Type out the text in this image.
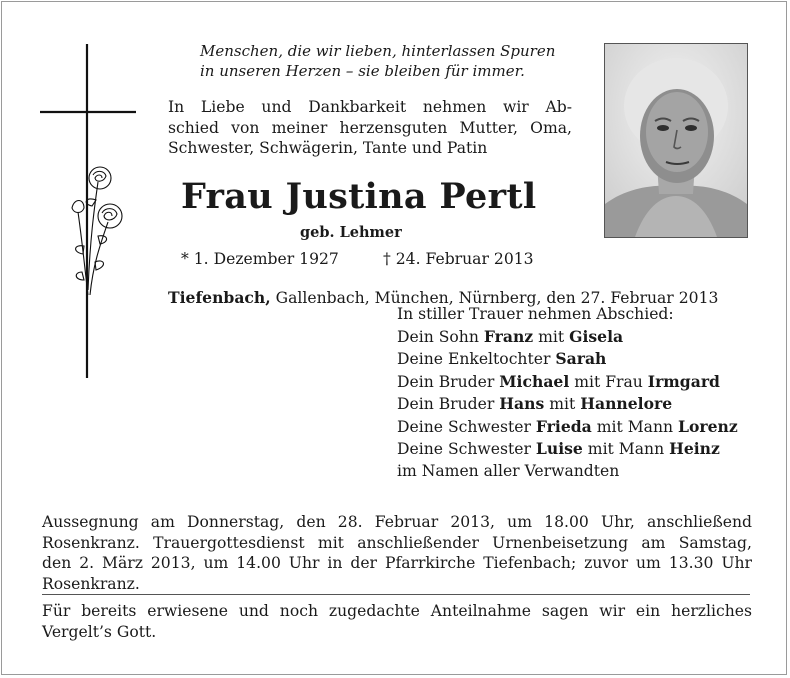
Menschen, die wir lieben, hinterlassen Spuren
in unseren Herzen – sie bleiben für immer.
In Liebe und Dankbarkeit nehmen wir Ab-
schied von meiner herzensguten Mutter, Oma,
Schwester, Schwägerin, Tante und Patin
Frau Justina Pertl
geb. Lehmer
* 1. Dezember 1927	† 24. Februar 2013
Tiefenbach, Gallenbach, München, Nürnberg, den 27. Februar 2013
In stiller Trauer nehmen Abschied:
Dein Sohn Franz mit Gisela
Deine Enkeltochter Sarah
Dein Bruder Michael mit Frau Irmgard
Dein Bruder Hans mit Hannelore
Deine Schwester Frieda mit Mann Lorenz
Deine Schwester Luise mit Mann Heinz
im Namen aller Verwandten
Aussegnung am Donnerstag, den 28. Februar 2013, um 18.00 Uhr, anschließend
Rosenkranz. Trauergottesdienst mit anschließender Urnenbeisetzung am Samstag,
den 2. März 2013, um 14.00 Uhr in der Pfarrkirche Tiefenbach; zuvor um 13.30 Uhr
Rosenkranz.
Für bereits erwiesene und noch zugedachte Anteilnahme sagen wir ein herzliches
Vergelt’s Gott.
